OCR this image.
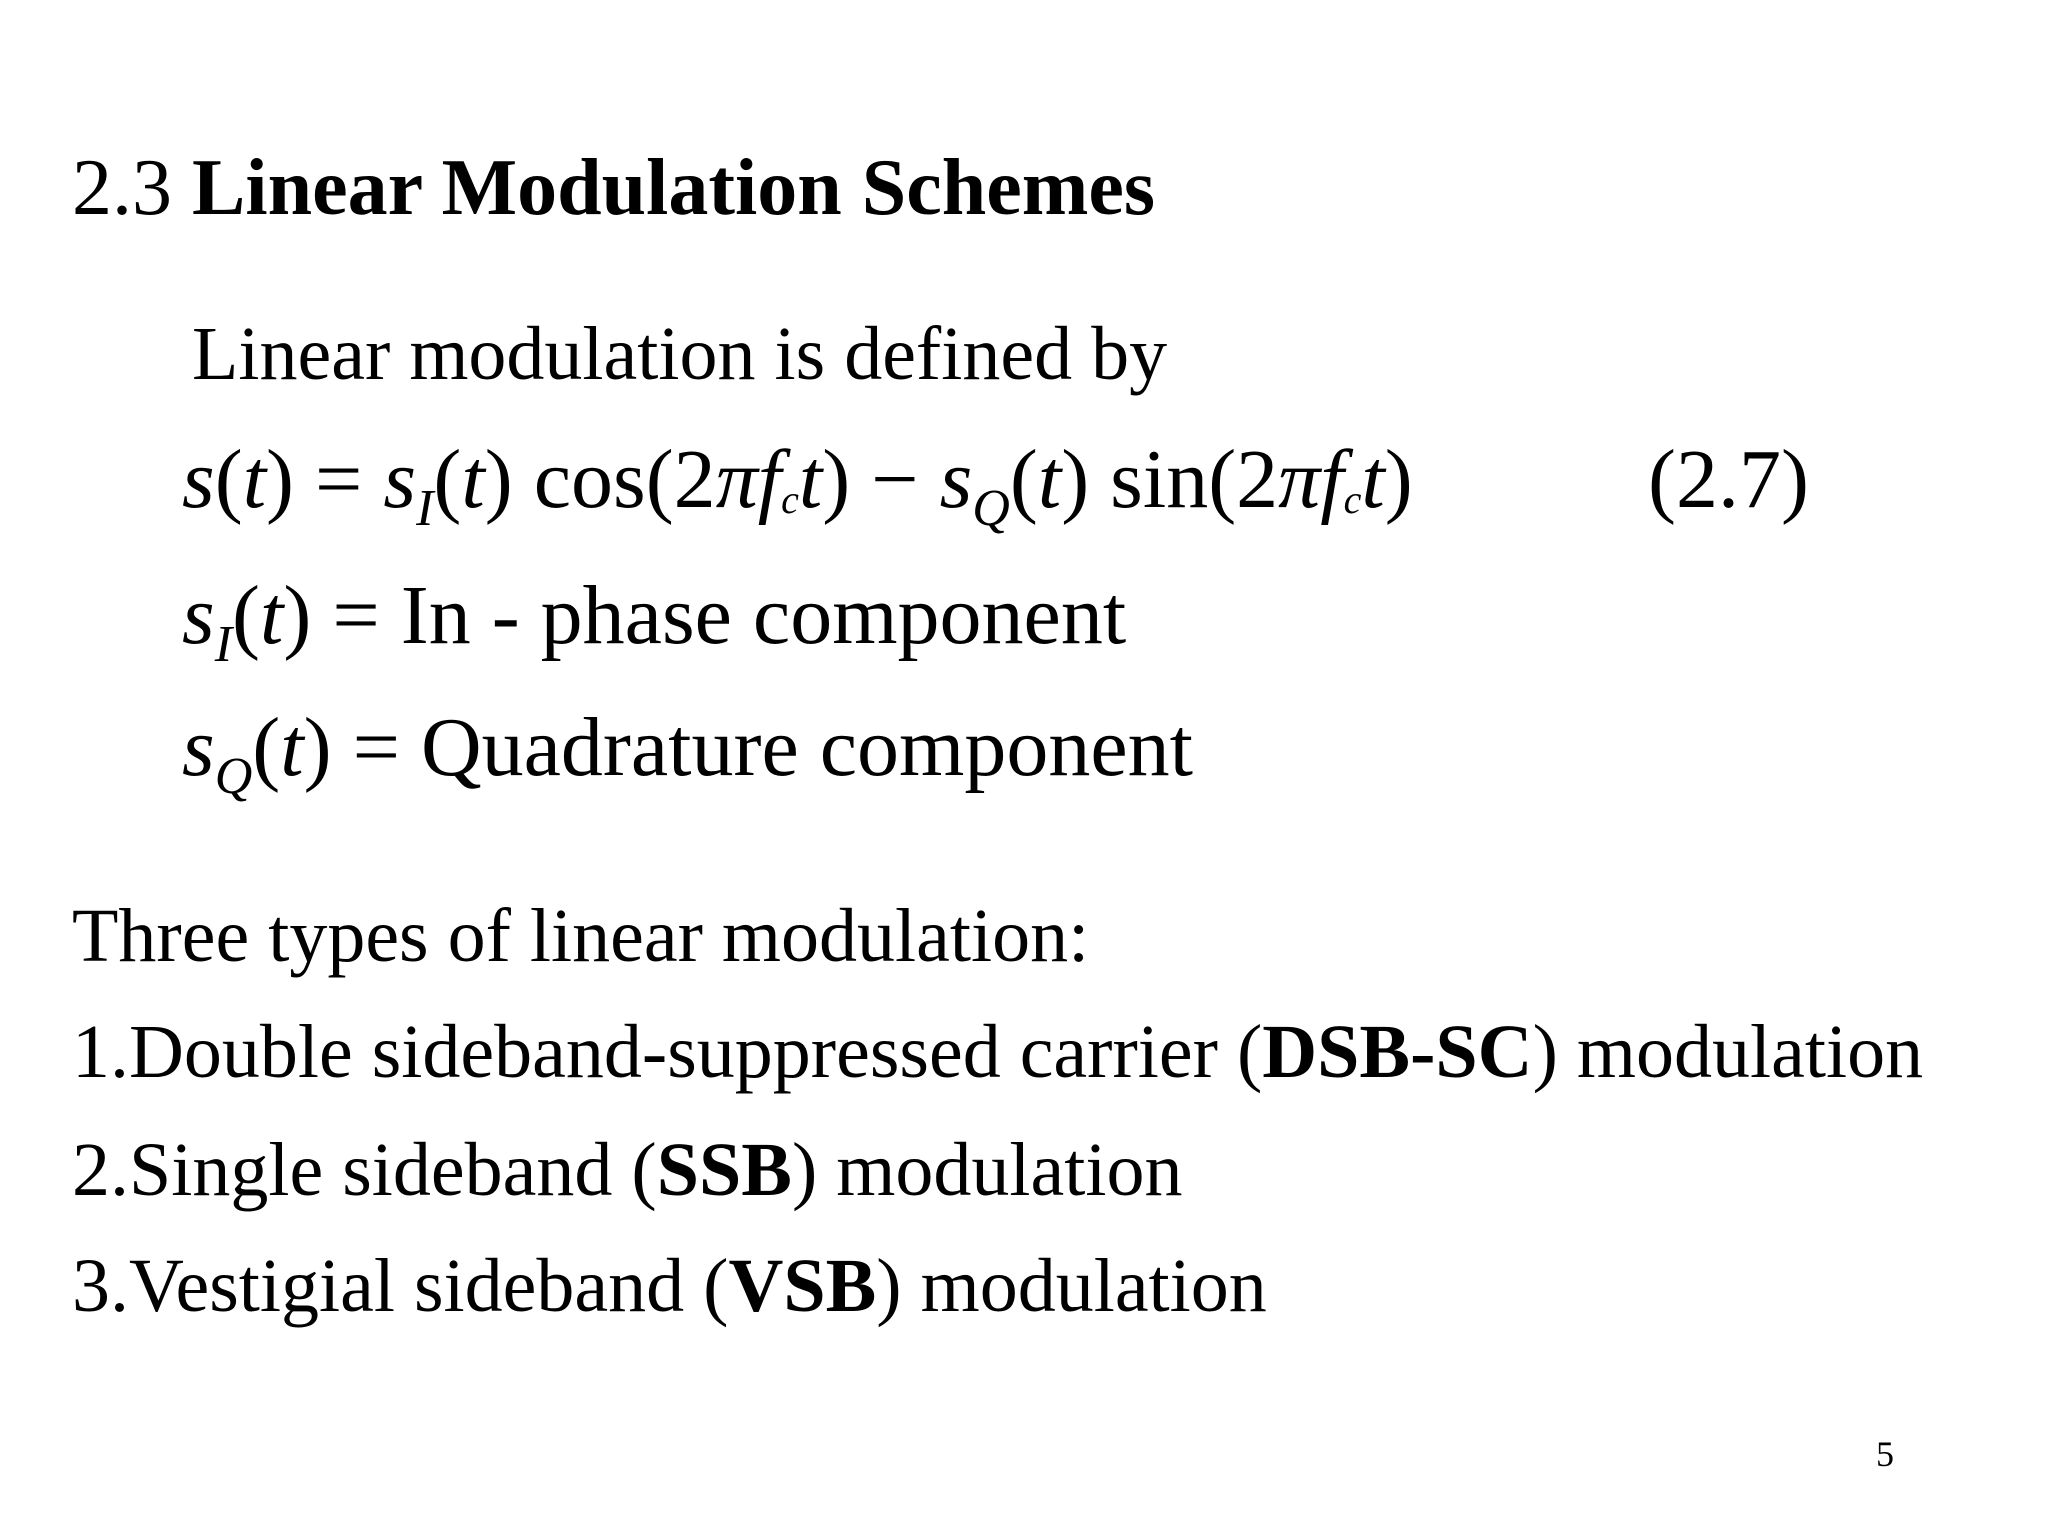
2.3 Linear Modulation Schemes
Linear modulation is defined by
$s(t) = s_I(t) \cos(2\pi f_ct) - s_Q(t)$ $\sin(2\pi f_ct)$	(2.7)
$s_I(t) = In$ - phase component
$s_Q(t)$ = Quadrature component
Three types of linear modulation:
1.Double sideband-suppressed carrier (DSB-SC) modulation
2.Single sideband (SSB) modulation
3.Vestigial sideband (VSB) modulation
5
